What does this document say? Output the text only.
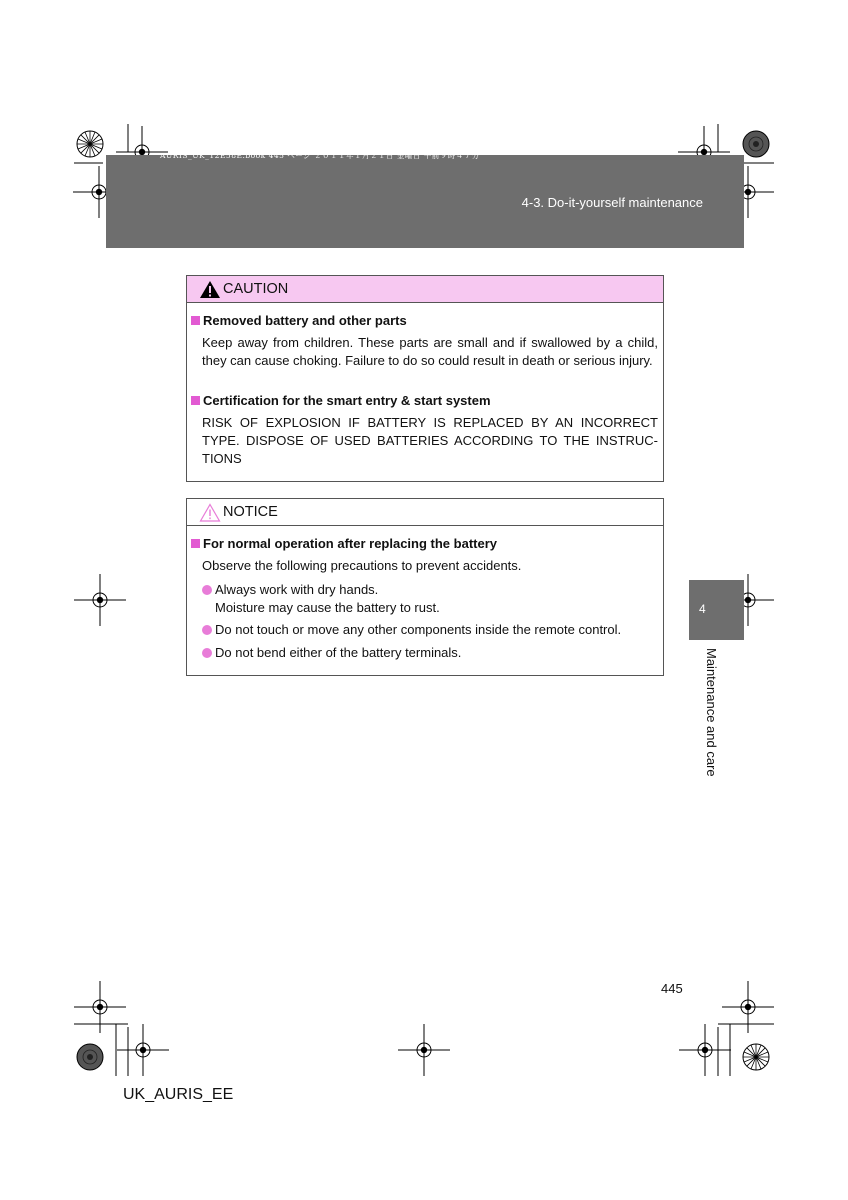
4-3. Do-it-yourself maintenance
AURIS_UK_12E58E.book 445 ページ ２０１１年１月２１日 金曜日 午前９時４７分
4
Maintenance and care
CAUTION
Removed battery and other parts
Keep away from children. These parts are small and if swallowed by a child, they can cause choking. Failure to do so could result in death or serious injury.
Certification for the smart entry & start system
RISK OF EXPLOSION IF BATTERY IS REPLACED BY AN INCORRECT TYPE. DISPOSE OF USED BATTERIES ACCORDING TO THE INSTRUC-TIONS
NOTICE
For normal operation after replacing the battery
Observe the following precautions to prevent accidents.
Always work with dry hands.
Moisture may cause the battery to rust.
Do not touch or move any other components inside the remote control.
Do not bend either of the battery terminals.
445
UK_AURIS_EE
